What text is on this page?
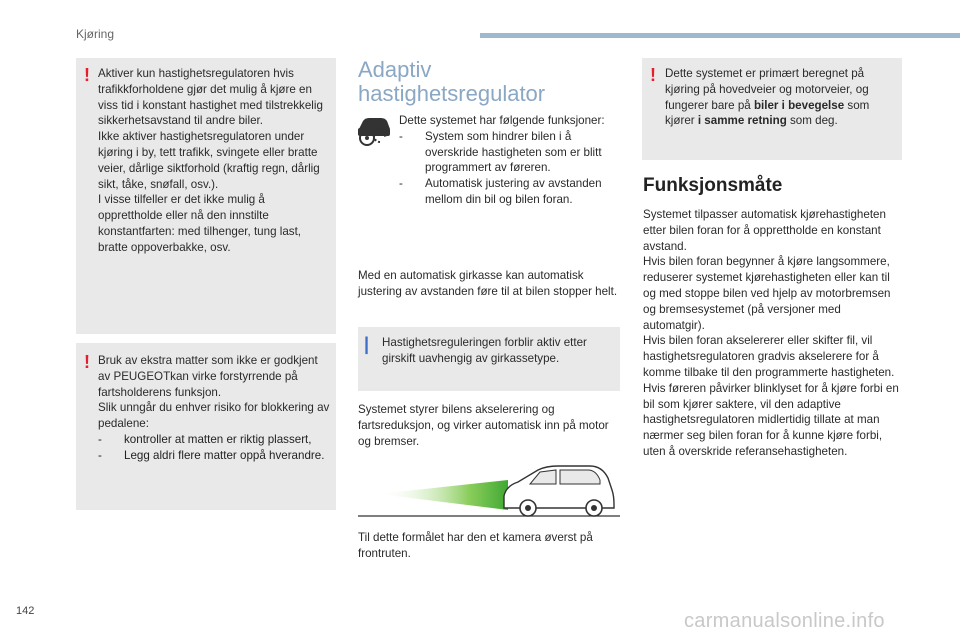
Kjøring
! Aktiver kun hastighetsregulatoren hvis trafikkforholdene gjør det mulig å kjøre en viss tid i konstant hastighet med tilstrekkelig sikkerhetsavstand til andre biler.

Ikke aktiver hastighetsregulatoren under kjøring i by, tett trafikk, svingete eller bratte veier, dårlige siktforhold (kraftig regn, dårlig sikt, tåke, snøfall, osv.).

I visse tilfeller er det ikke mulig å opprettholde eller nå den innstilte konstantfarten: med tilhenger, tung last, bratte oppoverbakke, osv.

! Bruk av ekstra matter som ikke er godkjent av PEUGEOTkan virke forstyrrende på fartsholderens funksjon.

Slik unngår du enhver risiko for blokkering av pedalene:

- kontroller at matten er riktig plassert,
- Legg aldri flere matter oppå hverandre.
Adaptiv
hastighetsregulator

Dette systemet har følgende funksjoner:

- System som hindrer bilen i å overskride hastigheten som er blitt programmert av føreren.
- Automatisk justering av avstanden mellom din bil og bilen foran.

Med en automatisk girkasse kan automatisk justering av avstanden føre til at bilen stopper helt.

| Hastighetsreguleringen forblir aktiv etter girskift uavhengig av girkassetype.

Systemet styrer bilens akselerering og fartsreduksjon, og virker automatisk inn på motor og bremser.

Til dette formålet har den et kamera øverst på frontruten.

! Dette systemet er primært beregnet på kjøring på hovedveier og motorveier, og fungerer bare på biler i bevegelse som kjører i samme retning som deg.

Funksjonsmåte

Systemet tilpasser automatisk kjørehastigheten etter bilen foran for å opprettholde en konstant avstand.

Hvis bilen foran begynner å kjøre langsommere, reduserer systemet kjørehastigheten eller kan til og med stoppe bilen ved hjelp av motorbremsen og bremsesystemet (på versjoner med automatgir).

Hvis bilen foran akselererer eller skifter fil, vil hastighetsregulatoren gradvis akselerere for å komme tilbake til den programmerte hastigheten.

Hvis føreren påvirker blinklyset for å kjøre forbi en bil som kjører saktere, vil den adaptive hastighetsregulatoren midlertidig tillate at man nærmer seg bilen foran for å kunne kjøre forbi, uten å overskride referansehastigheten.

142	carmanualsonline.info
